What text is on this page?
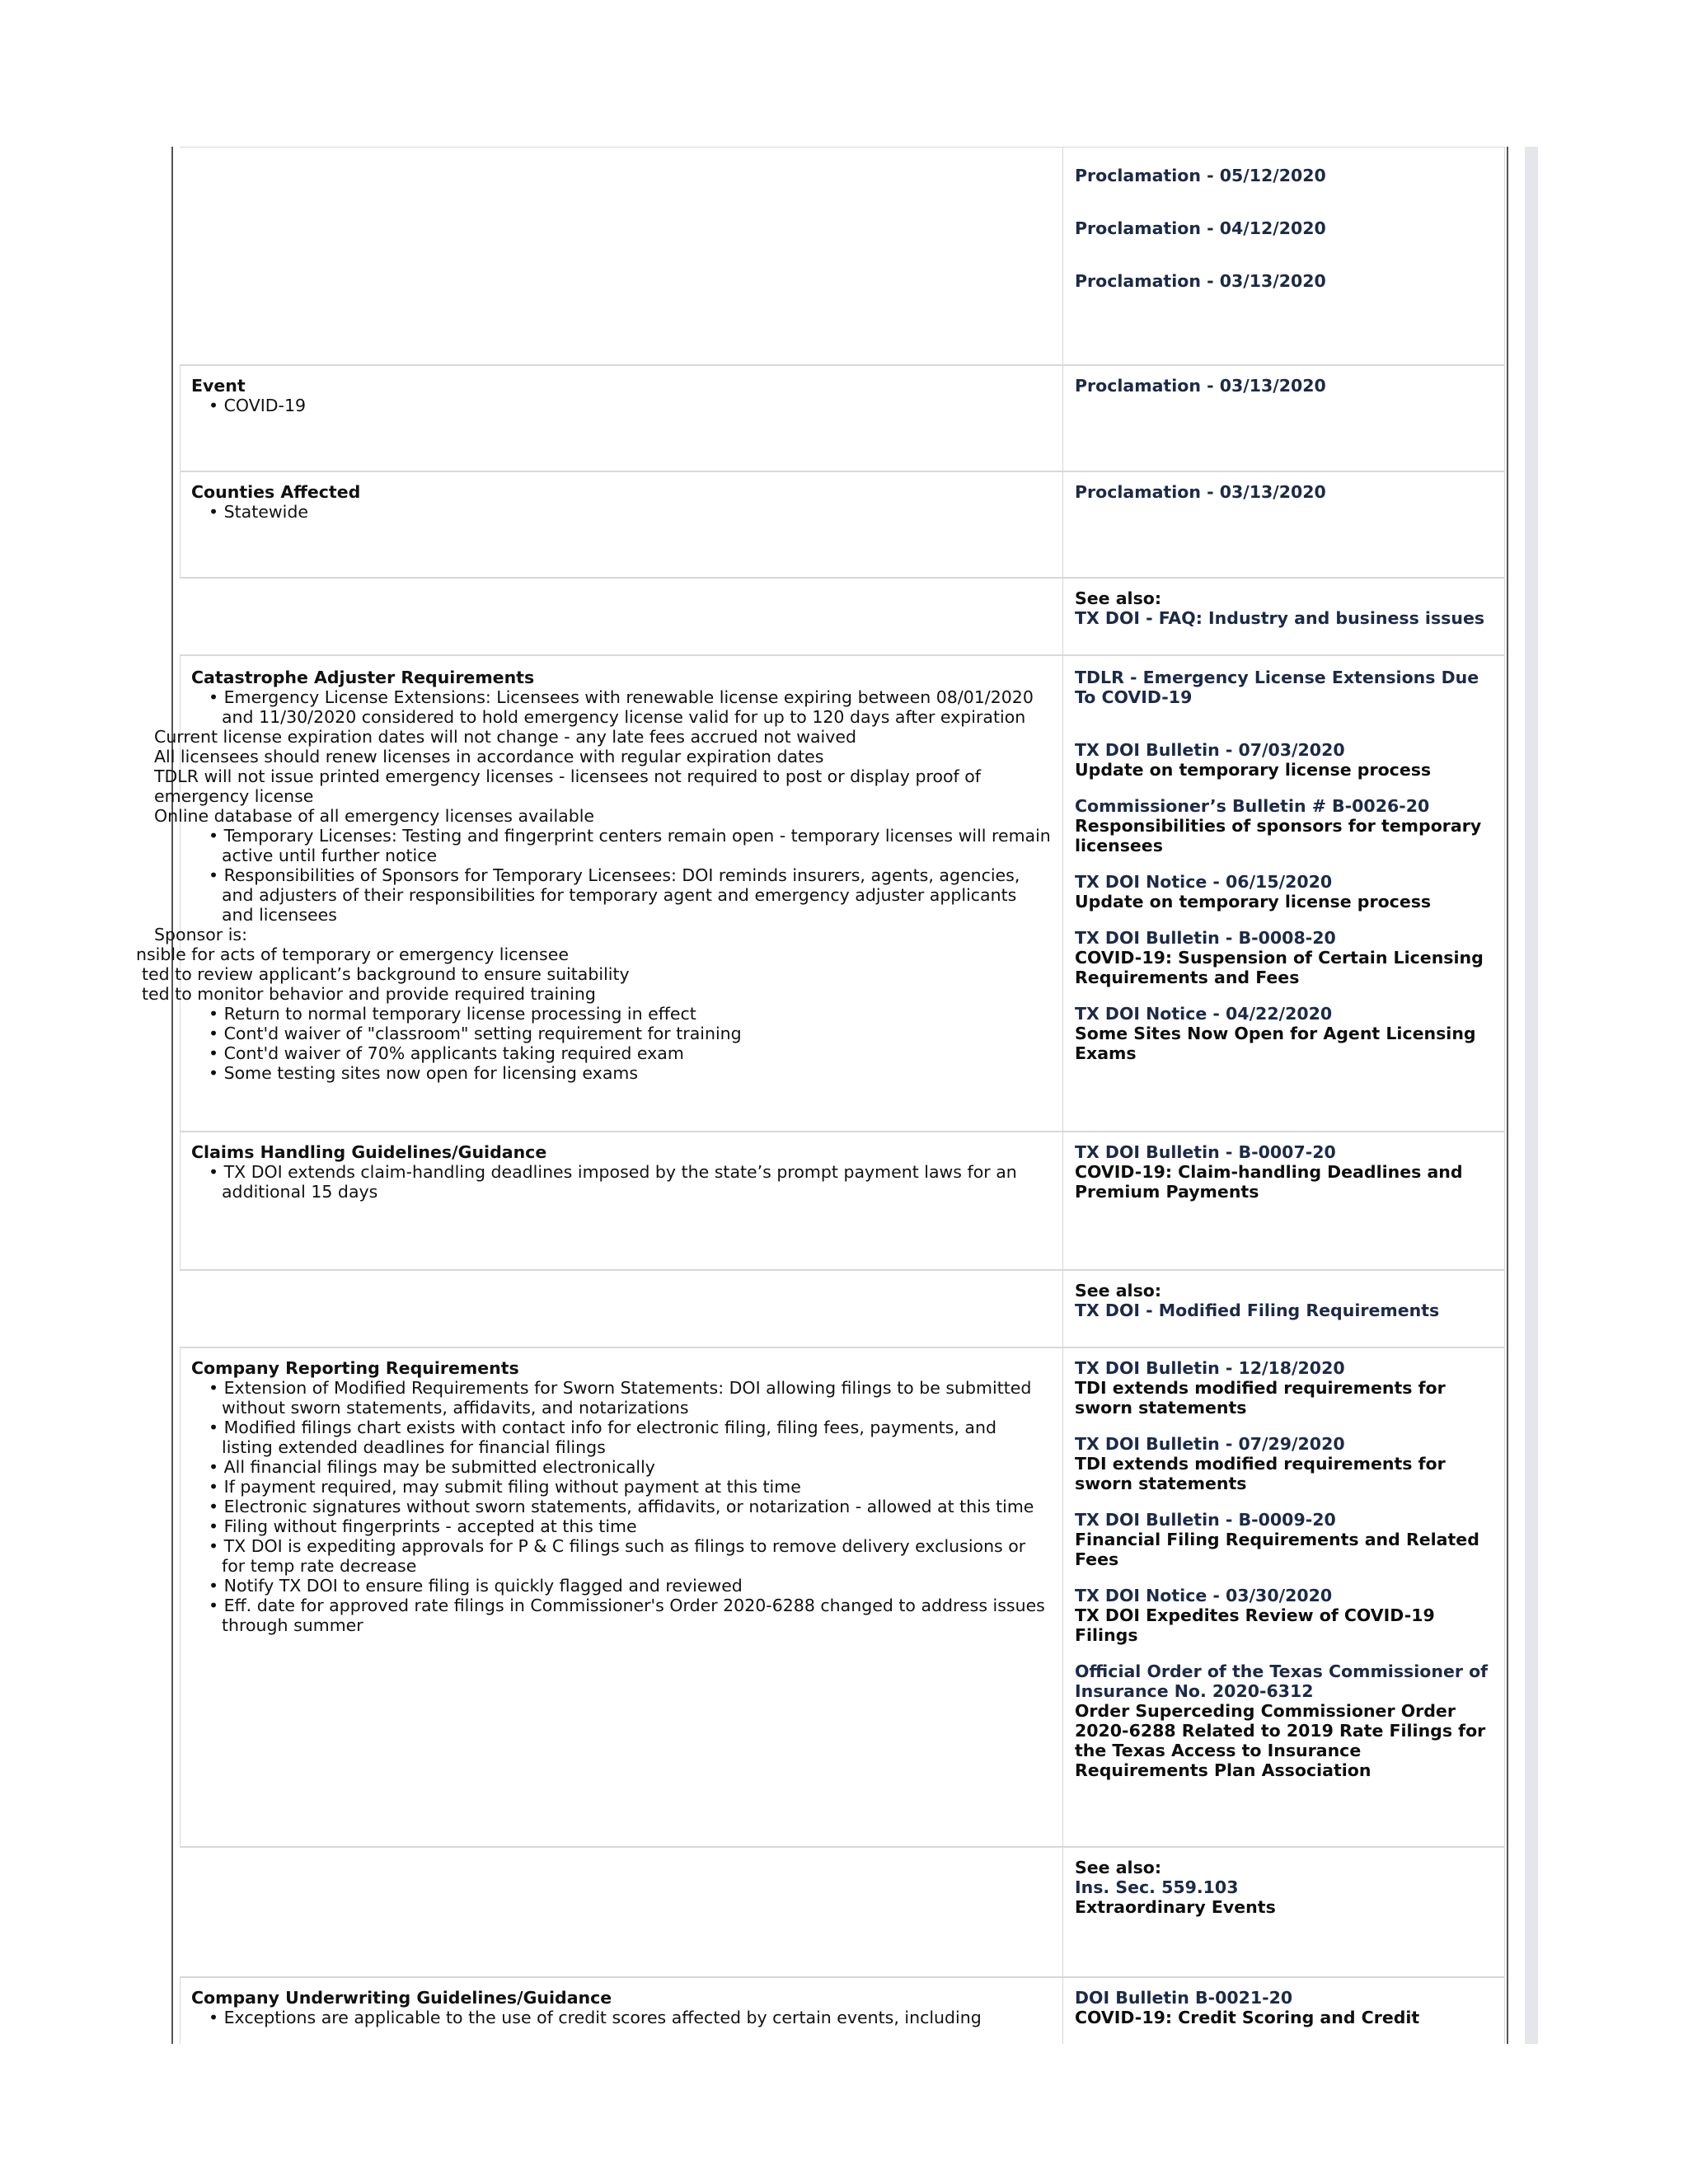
Proclamation - 05/12/2020
Proclamation - 04/12/2020
Proclamation - 03/13/2020
Event

• COVID-19

Proclamation - 03/13/2020
Counties Affected

• Statewide

Proclamation - 03/13/2020
See also:
TX DOI - FAQ: Industry and business issues
Catastrophe Adjuster Requirements

• Emergency License Extensions: Licensees with renewable license expiring between 08/01/2020 and 11/30/2020 considered to hold emergency license valid for up to 120 days after expiration

Current license expiration dates will not change - any late fees accrued not waived

All licensees should renew licenses in accordance with regular expiration dates

TDLR will not issue printed emergency licenses - licensees not required to post or display proof of

emergency license

Online database of all emergency licenses available

• Temporary Licenses: Testing and fingerprint centers remain open - temporary licenses will remain active until further notice

• Responsibilities of Sponsors for Temporary Licensees: DOI reminds insurers, agents, agencies, and adjusters of their responsibilities for temporary agent and emergency adjuster applicants and licensees

Sponsor is:

nsible for acts of temporary or emergency licensee

ted to review applicant’s background to ensure suitability

ted to monitor behavior and provide required training

• Return to normal temporary license processing in effect

• Cont'd waiver of "classroom" setting requirement for training

• Cont'd waiver of 70% applicants taking required exam

• Some testing sites now open for licensing exams

TDLR - Emergency License Extensions Due To COVID-19
TX DOI Bulletin - 07/03/2020
Update on temporary license process
Commissioner’s Bulletin # B-0026-20
Responsibilities of sponsors for temporary licensees
TX DOI Notice - 06/15/2020
Update on temporary license process
TX DOI Bulletin - B-0008-20
COVID-19: Suspension of Certain Licensing Requirements and Fees
TX DOI Notice - 04/22/2020
Some Sites Now Open for Agent Licensing Exams
Claims Handling Guidelines/Guidance

• TX DOI extends claim-handling deadlines imposed by the state’s prompt payment laws for an additional 15 days

TX DOI Bulletin - B-0007-20
COVID-19: Claim-handling Deadlines and Premium Payments
See also:
TX DOI - Modified Filing Requirements
Company Reporting Requirements

• Extension of Modified Requirements for Sworn Statements: DOI allowing filings to be submitted without sworn statements, affidavits, and notarizations

• Modified filings chart exists with contact info for electronic filing, filing fees, payments, and listing extended deadlines for financial filings

• All financial filings may be submitted electronically

• If payment required, may submit filing without payment at this time

• Electronic signatures without sworn statements, affidavits, or notarization - allowed at this time

• Filing without fingerprints - accepted at this time

• TX DOI is expediting approvals for P & C filings such as filings to remove delivery exclusions or for temp rate decrease

• Notify TX DOI to ensure filing is quickly flagged and reviewed

• Eff. date for approved rate filings in Commissioner's Order 2020-6288 changed to address issues through summer

TX DOI Bulletin - 12/18/2020
TDI extends modified requirements for sworn statements
TX DOI Bulletin - 07/29/2020
TDI extends modified requirements for sworn statements
TX DOI Bulletin - B-0009-20
Financial Filing Requirements and Related Fees
TX DOI Notice - 03/30/2020
TX DOI Expedites Review of COVID-19 Filings
Official Order of the Texas Commissioner of Insurance No. 2020-6312
Order Superceding Commissioner Order 2020-6288 Related to 2019 Rate Filings for the Texas Access to Insurance Requirements Plan Association
See also:
Ins. Sec. 559.103
Extraordinary Events
Company Underwriting Guidelines/Guidance

• Exceptions are applicable to the use of credit scores affected by certain events, including

DOI Bulletin B-0021-20
COVID-19: Credit Scoring and Credit
